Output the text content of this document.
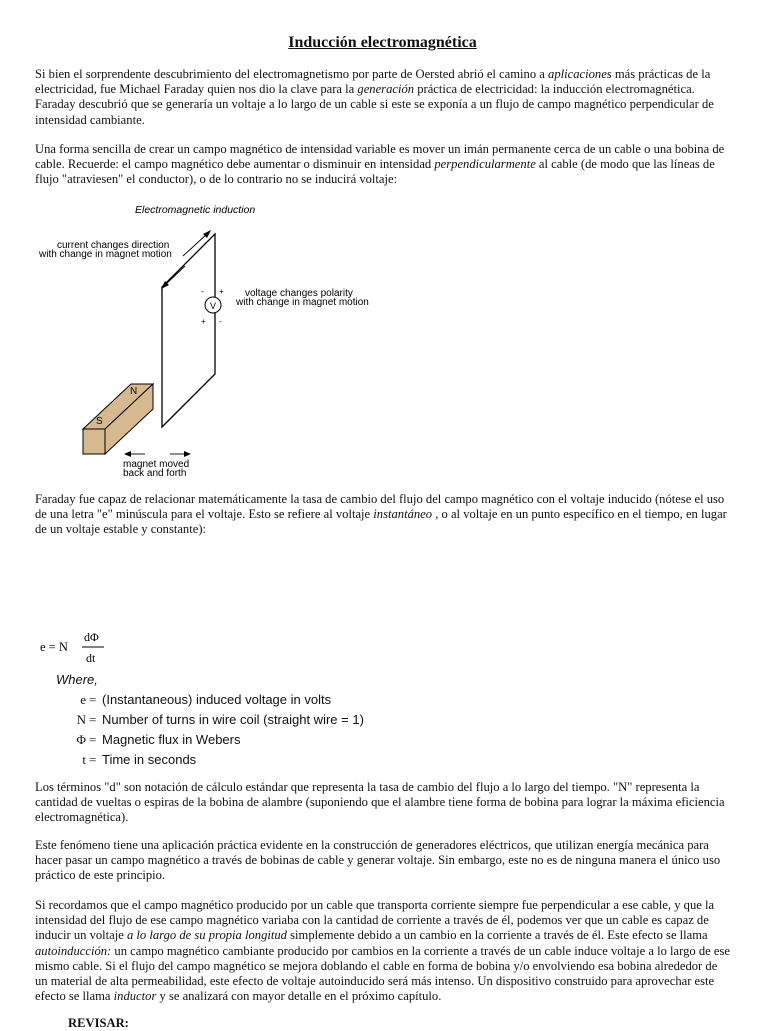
Inducción electromagnética

Si bien el sorprendente descubrimiento del electromagnetismo por parte de Oersted abrió el camino a aplicaciones más prácticas de la electricidad, fue Michael Faraday quien nos dio la clave para la generación práctica de electricidad: la inducción electromagnética. Faraday descubrió que se generaría un voltaje a lo largo de un cable si este se exponía a un flujo de campo magnético perpendicular de intensidad cambiante.

Una forma sencilla de crear un campo magnético de intensidad variable es mover un imán permanente cerca de un cable o una bobina de cable. Recuerde: el campo magnético debe aumentar o disminuir en intensidad perpendicularmente al cable (de modo que las líneas de flujo "atraviesen" el conductor), o de lo contrario no se inducirá voltaje:

Electromagnetic induction
current changes direction
with change in magnet motion
V
- +
+ -
voltage changes polarity
with change in magnet motion
N
S
magnet moved
back and forth

Faraday fue capaz de relacionar matemáticamente la tasa de cambio del flujo del campo magnético con el voltaje inducido (nótese el uso de una letra "e" minúscula para el voltaje. Esto se refiere al voltaje instantáneo , o al voltaje en un punto específico en el tiempo, en lugar de un voltaje estable y constante):

e = N
dΦ
dt
Where,
e = (Instantaneous) induced voltage in volts
N = Number of turns in wire coil (straight wire = 1)
Φ = Magnetic flux in Webers
t = Time in seconds

Los términos "d" son notación de cálculo estándar que representa la tasa de cambio del flujo a lo largo del tiempo. "N" representa la cantidad de vueltas o espiras de la bobina de alambre (suponiendo que el alambre tiene forma de bobina para lograr la máxima eficiencia electromagnética).

Este fenómeno tiene una aplicación práctica evidente en la construcción de generadores eléctricos, que utilizan energía mecánica para hacer pasar un campo magnético a través de bobinas de cable y generar voltaje. Sin embargo, este no es de ninguna manera el único uso práctico de este principio.

Si recordamos que el campo magnético producido por un cable que transporta corriente siempre fue perpendicular a ese cable, y que la intensidad del flujo de ese campo magnético variaba con la cantidad de corriente a través de él, podemos ver que un cable es capaz de inducir un voltaje a lo largo de su propia longitud simplemente debido a un cambio en la corriente a través de él. Este efecto se llama autoinducción: un campo magnético cambiante producido por cambios en la corriente a través de un cable induce voltaje a lo largo de ese mismo cable. Si el flujo del campo magnético se mejora doblando el cable en forma de bobina y/o envolviendo esa bobina alrededor de un material de alta permeabilidad, este efecto de voltaje autoinducido será más intenso. Un dispositivo construido para aprovechar este efecto se llama inductor y se analizará con mayor detalle en el próximo capítulo.

REVISAR:
